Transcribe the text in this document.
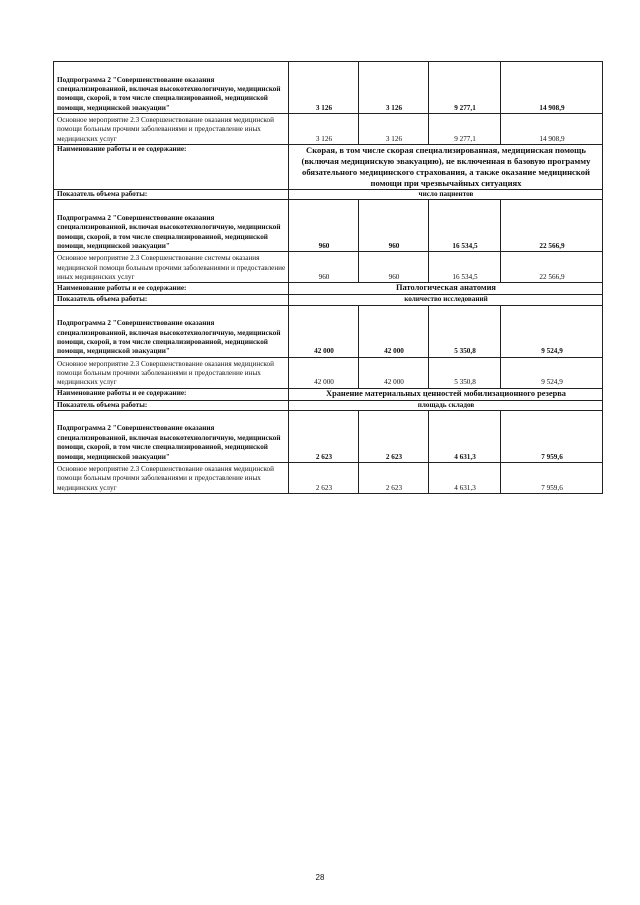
Подпрограмма 2 "Совершенствование оказания специализированной, включая высокотехнологичную, медицинской помощи, скорой, в том числе специализированной, медицинской помощи, медицинской эвакуации"	3 126	3 126	9 277,1	14 908,9
Основное мероприятие 2.3 Совершенствование оказания медицинской помощи больным прочими заболеваниями и предоставление иных медицинских услуг	3 126	3 126	9 277,1	14 908,9
Наименование работы и ее содержание:	Скорая, в том числе скорая специализированная, медицинская помощь (включая медицинскую эвакуацию), не включенная в базовую программу обязательного медицинского страхования, а также оказание медицинской помощи при чрезвычайных ситуациях			
Показатель объема работы:	число пациентов			
Подпрограмма 2 "Совершенствование оказания специализированной, включая высокотехнологичную, медицинской помощи, скорой, в том числе специализированной, медицинской помощи, медицинской эвакуации"	960	960	16 534,5	22 566,9
Основное мероприятие 2.3 Совершенствование системы оказания медицинской помощи больным прочими заболеваниями и предоставление иных медицинских услуг	960	960	16 534,5	22 566,9
Наименование работы и ее содержание:	Патологическая анатомия			
Показатель объема работы:	количество исследований			
Подпрограмма 2 "Совершенствование оказания специализированной, включая высокотехнологичную, медицинской помощи, скорой, в том числе специализированной, медицинской помощи, медицинской эвакуации"	42 000	42 000	5 350,8	9 524,9
Основное мероприятие 2.3 Совершенствование оказания медицинской помощи больным прочими заболеваниями и предоставление иных медицинских услуг	42 000	42 000	5 350,8	9 524,9
Наименование работы и ее содержание:	Хранение материальных ценностей мобилизационного резерва			
Показатель объема работы:	площадь складов			
Подпрограмма 2 "Совершенствование оказания специализированной, включая высокотехнологичную, медицинской помощи, скорой, в том числе специализированной, медицинской помощи, медицинской эвакуации"	2 623	2 623	4 631,3	7 959,6
Основное мероприятие 2.3 Совершенствование оказания медицинской помощи больным прочими заболеваниями и предоставление иных медицинских услуг	2 623	2 623	4 631,3	7 959,6
28
